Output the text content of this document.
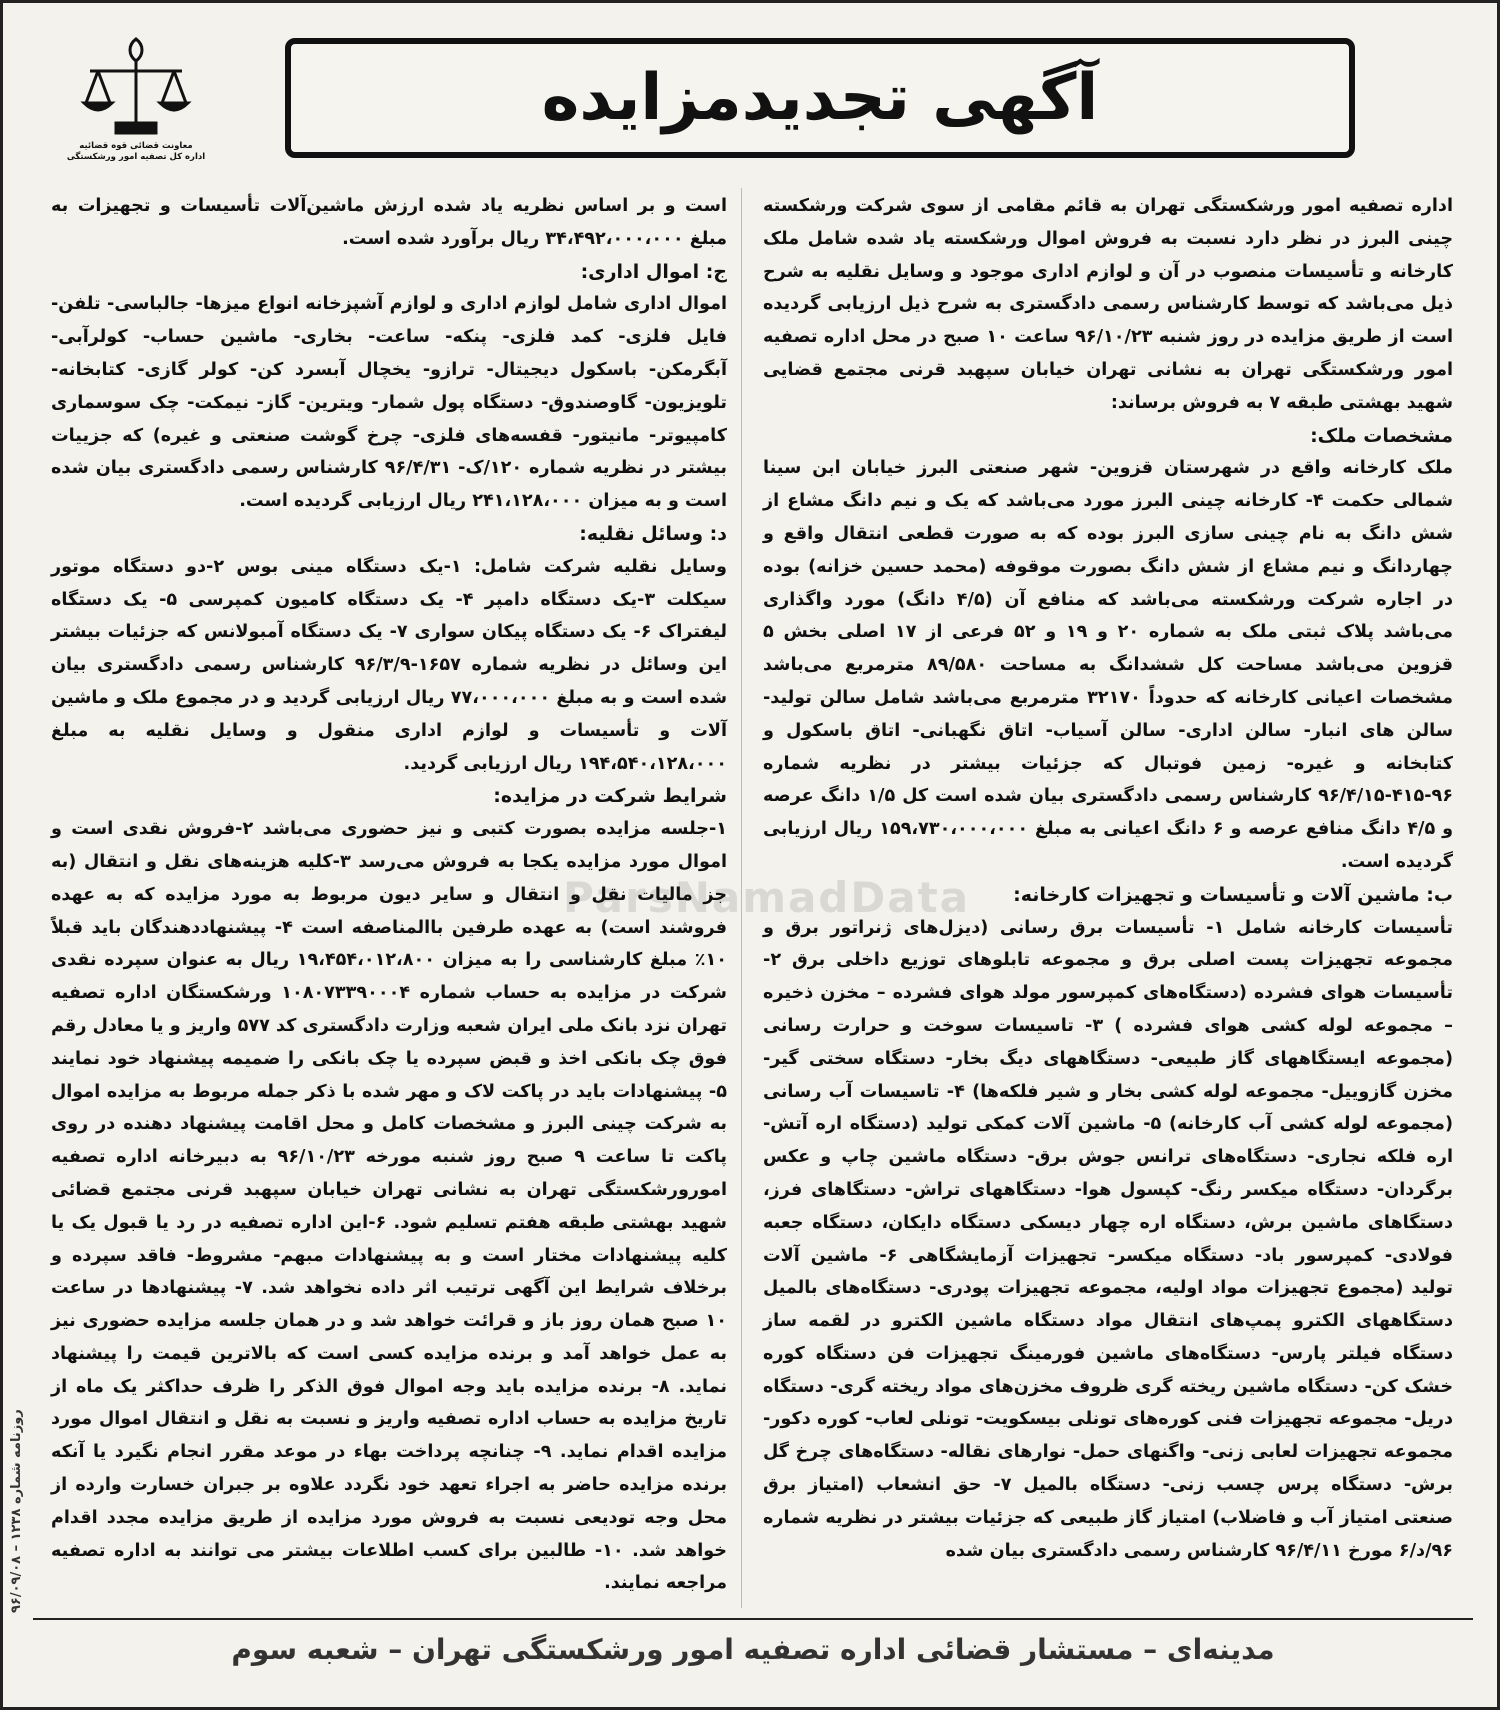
معاونت قضائی قوه قضائیه
اداره کل تصفیه امور ورشکستگی
آگهی تجدیدمزایده
ParsNamadData

اداره تصفیه امور ورشکستگی تهران به قائم مقامی از سوی شرکت ورشکسته چینی البرز در نظر دارد نسبت به فروش اموال ورشکسته یاد شده شامل ملک کارخانه و تأسیسات منصوب در آن و لوازم اداری موجود و وسایل نقلیه به شرح ذیل می‌باشد که توسط کارشناس رسمی دادگستری به شرح ذیل ارزیابی گردیده است از طریق مزایده در روز شنبه ۹۶/۱۰/۲۳ ساعت ۱۰ صبح در محل اداره تصفیه امور ورشکستگی تهران به نشانی تهران خیابان سپهبد قرنی مجتمع قضایی شهید بهشتی طبقه ۷ به فروش برساند:

مشخصات ملک:

ملک کارخانه واقع در شهرستان قزوین- شهر صنعتی البرز خیابان ابن سینا شمالی حکمت ۴- کارخانه چینی البرز مورد می‌باشد که یک و نیم دانگ مشاع از شش دانگ به نام چینی سازی البرز بوده که به صورت قطعی انتقال واقع و چهاردانگ و نیم مشاع از شش دانگ بصورت موقوفه (محمد حسین خزانه) بوده در اجاره شرکت ورشکسته می‌باشد که منافع آن (۴/۵ دانگ) مورد واگذاری می‌باشد پلاک ثبتی ملک به شماره ۲۰ و ۱۹ و ۵۲ فرعی از ۱۷ اصلی بخش ۵ قزوین می‌باشد مساحت کل ششدانگ به مساحت ۸۹/۵۸۰ مترمربع می‌باشد مشخصات اعیانی کارخانه که حدوداً ۳۲۱۷۰ مترمربع می‌باشد شامل سالن تولید- سالن های انبار- سالن اداری- سالن آسیاب- اتاق نگهبانی- اتاق باسکول و کتابخانه و غیره- زمین فوتبال که جزئیات بیشتر در نظریه شماره ۹۶-۴۱۵-۹۶/۴/۱۵ کارشناس رسمی دادگستری بیان شده است کل ۱/۵ دانگ عرصه و ۴/۵ دانگ منافع عرصه و ۶ دانگ اعیانی به مبلغ ۱۵۹،۷۳۰،۰۰۰،۰۰۰ ریال ارزیابی گردیده است.

ب: ماشین آلات و تأسیسات و تجهیزات کارخانه:

تأسیسات کارخانه شامل ۱- تأسیسات برق رسانی (دیزل‌های ژنراتور برق و مجموعه تجهیزات پست اصلی برق و مجموعه تابلوهای توزیع داخلی برق ۲- تأسیسات هوای فشرده (دستگاه‌های کمپرسور مولد هوای فشرده – مخزن ذخیره – مجموعه لوله کشی هوای فشرده ) ۳- تاسیسات سوخت و حرارت رسانی (مجموعه ایستگاههای گاز طبیعی- دستگاههای دیگ بخار- دستگاه سختی گیر- مخزن گازوییل- مجموعه لوله کشی بخار و شیر فلکه‌ها) ۴- تاسیسات آب رسانی (مجموعه لوله کشی آب کارخانه) ۵- ماشین آلات کمکی تولید (دستگاه اره آتش- اره فلکه نجاری- دستگاه‌های ترانس جوش برق- دستگاه ماشین چاپ و عکس برگردان- دستگاه میکسر رنگ- کپسول هوا- دستگاههای تراش- دستگاهای فرز، دستگاهای ماشین برش، دستگاه اره چهار دیسکی دستگاه دایکان، دستگاه جعبه فولادی- کمپرسور باد- دستگاه میکسر- تجهیزات آزمایشگاهی ۶- ماشین آلات تولید (مجموع تجهیزات مواد اولیه، مجموعه تجهیزات پودری- دستگاه‌های بالمیل دستگاههای الکترو پمپ‌های انتقال مواد دستگاه ماشین الکترو در لقمه ساز دستگاه فیلتر پارس- دستگاه‌های ماشین فورمینگ تجهیزات فن دستگاه کوره خشک کن- دستگاه ماشین ریخته گری ظروف مخزن‌های مواد ریخته گری- دستگاه دریل- مجموعه تجهیزات فنی کوره‌های تونلی بیسکویت- تونلی لعاب- کوره دکور- مجموعه تجهیزات لعابی زنی- واگنهای حمل- نوارهای نقاله- دستگاه‌های چرخ گل برش- دستگاه پرس چسب زنی- دستگاه بالمیل ۷- حق انشعاب (امتیاز برق صنعتی امتیاز آب و فاضلاب) امتیاز گاز طبیعی که جزئیات بیشتر در نظریه شماره ۹۶/د/۶ مورخ ۹۶/۴/۱۱ کارشناس رسمی دادگستری بیان شده

است و بر اساس نظریه یاد شده ارزش ماشین‌آلات تأسیسات و تجهیزات به مبلغ ۳۴،۴۹۲،۰۰۰،۰۰۰ ریال برآورد شده است.

ج: اموال اداری:

اموال اداری شامل لوازم اداری و لوازم آشپزخانه انواع میزها- جالباسی- تلفن- فایل فلزی- کمد فلزی- پنکه- ساعت- بخاری- ماشین حساب- کولرآبی- آبگرمکن- باسکول دیجیتال- ترازو- یخچال آبسرد کن- کولر گازی- کتابخانه- تلویزیون- گاوصندوق- دستگاه پول شمار- ویترین- گاز- نیمکت- چک سوسماری کامپیوتر- مانیتور- قفسه‌های فلزی- چرخ گوشت صنعتی و غیره) که جزییات بیشتر در نظریه شماره ۱۲۰/ک- ۹۶/۴/۳۱ کارشناس رسمی دادگستری بیان شده است و به میزان ۲۴۱،۱۲۸،۰۰۰ ریال ارزیابی گردیده است.

د: وسائل نقلیه:

وسایل نقلیه شرکت شامل: ۱-یک دستگاه مینی بوس ۲-دو دستگاه موتور سیکلت ۳-یک دستگاه دامپر ۴- یک دستگاه کامیون کمپرسی ۵- یک دستگاه لیفتراک ۶- یک دستگاه پیکان سواری ۷- یک دستگاه آمبولانس که جزئیات بیشتر این وسائل در نظریه شماره ۱۶۵۷-۹۶/۳/۹ کارشناس رسمی دادگستری بیان شده است و به مبلغ ۷۷،۰۰۰،۰۰۰ ریال ارزیابی گردید و در مجموع ملک و ماشین آلات و تأسیسات و لوازم اداری منقول و وسایل نقلیه به مبلغ ۱۹۴،۵۴۰،۱۲۸،۰۰۰ ریال ارزیابی گردید.

شرایط شرکت در مزایده:

۱-جلسه مزایده بصورت کتبی و نیز حضوری می‌باشد ۲-فروش نقدی است و اموال مورد مزایده یکجا به فروش می‌رسد ۳-کلیه هزینه‌های نقل و انتقال (به جز مالیات نقل و انتقال و سایر دیون مربوط به مورد مزایده که به عهده فروشند است) به عهده طرفین باالمناصفه است ۴- پیشنهاددهندگان باید قبلاً ۱۰٪ مبلغ کارشناسی را به میزان ۱۹،۴۵۴،۰۱۲،۸۰۰ ریال به عنوان سپرده نقدی شرکت در مزایده به حساب شماره ۱۰۸۰۷۳۳۹۰۰۰۴ ورشکستگان اداره تصفیه تهران نزد بانک ملی ایران شعبه وزارت دادگستری کد ۵۷۷ واریز و یا معادل رقم فوق چک بانکی اخذ و قبض سپرده یا چک بانکی را ضمیمه پیشنهاد خود نمایند ۵- پیشنهادات باید در پاکت لاک و مهر شده با ذکر جمله مربوط به مزایده اموال به شرکت چینی البرز و مشخصات کامل و محل اقامت پیشنهاد دهنده در روی پاکت تا ساعت ۹ صبح روز شنبه مورخه ۹۶/۱۰/۲۳ به دبیرخانه اداره تصفیه امورورشکستگی تهران به نشانی تهران خیابان سپهبد قرنی مجتمع قضائی شهید بهشتی طبقه هفتم تسلیم شود. ۶-این اداره تصفیه در رد یا قبول یک یا کلیه پیشنهادات مختار است و به پیشنهادات مبهم- مشروط- فاقد سپرده و برخلاف شرایط این آگهی ترتیب اثر داده نخواهد شد. ۷- پیشنهادها در ساعت ۱۰ صبح همان روز باز و قرائت خواهد شد و در همان جلسه مزایده حضوری نیز به عمل خواهد آمد و برنده مزایده کسی است که بالاترین قیمت را پیشنهاد نماید. ۸- برنده مزایده باید وجه اموال فوق الذکر را ظرف حداکثر یک ماه از تاریخ مزایده به حساب اداره تصفیه واریز و نسبت به نقل و انتقال اموال مورد مزایده اقدام نماید. ۹- چنانچه پرداخت بهاء در موعد مقرر انجام نگیرد یا آنکه برنده مزایده حاضر به اجراء تعهد خود نگردد علاوه بر جبران خسارت وارده از محل وجه تودیعی نسبت به فروش مورد مزایده از طریق مزایده مجدد اقدام خواهد شد. ۱۰- طالبین برای کسب اطلاعات بیشتر می توانند به اداره تصفیه مراجعه نمایند.

روزنامه شماره ۱۲۳۸ – ۹۶/۰۹/۰۸
مدینه‌ای – مستشار قضائی اداره تصفیه امور ورشکستگی تهران – شعبه سوم
